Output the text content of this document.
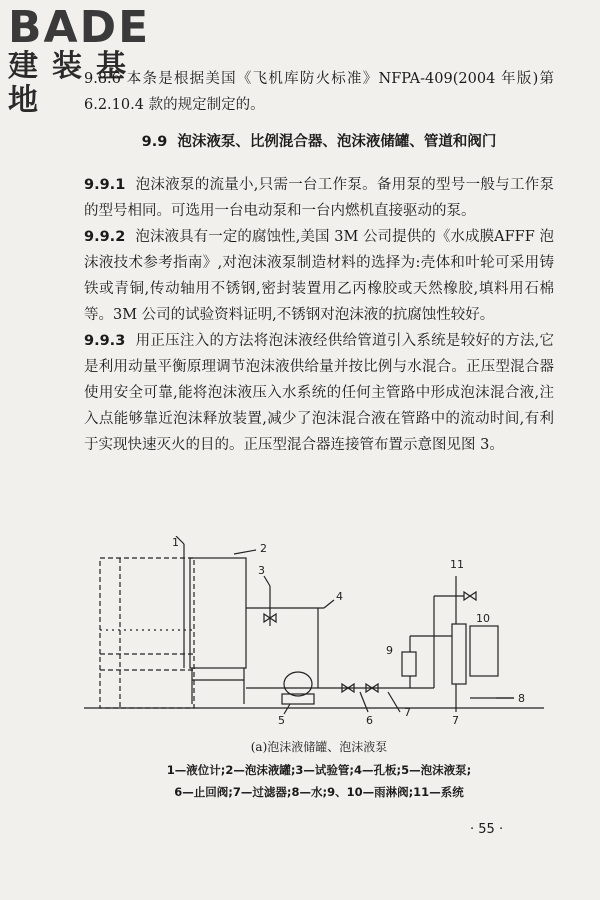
BADE
建装基地

9.8.6 本条是根据美国《飞机库防火标准》NFPA-409(2004 年版)第 6.2.10.4 款的规定制定的。

9.9 泡沫液泵、比例混合器、泡沫液储罐、管道和阀门

9.9.1 泡沫液泵的流量小,只需一台工作泵。备用泵的型号一般与工作泵的型号相同。可选用一台电动泵和一台内燃机直接驱动的泵。

9.9.2 泡沫液具有一定的腐蚀性,美国 3M 公司提供的《水成膜AFFF 泡沫液技术参考指南》,对泡沫液泵制造材料的选择为:壳体和叶轮可采用铸铁或青铜,传动轴用不锈钢,密封装置用乙丙橡胶或天然橡胶,填料用石棉等。3M 公司的试验资料证明,不锈钢对泡沫液的抗腐蚀性较好。

9.9.3 用正压注入的方法将泡沫液经供给管道引入系统是较好的方法,它是利用动量平衡原理调节泡沫液供给量并按比例与水混合。正压型混合器使用安全可靠,能将泡沫液压入水系统的任何主管路中形成泡沫混合液,注入点能够靠近泡沫释放装置,减少了泡沫混合液在管路中的流动时间,有利于实现快速灭火的目的。正压型混合器连接管布置示意图见图 3。

1	2
3
4
5	6
7
7
8
9
10
11
(a)泡沫液储罐、泡沫液泵
1—液位计;2—泡沫液罐;3—试验管;4—孔板;5—泡沫液泵;
6—止回阀;7—过滤器;8—水;9、10—雨淋阀;11—系统
· 55 ·
